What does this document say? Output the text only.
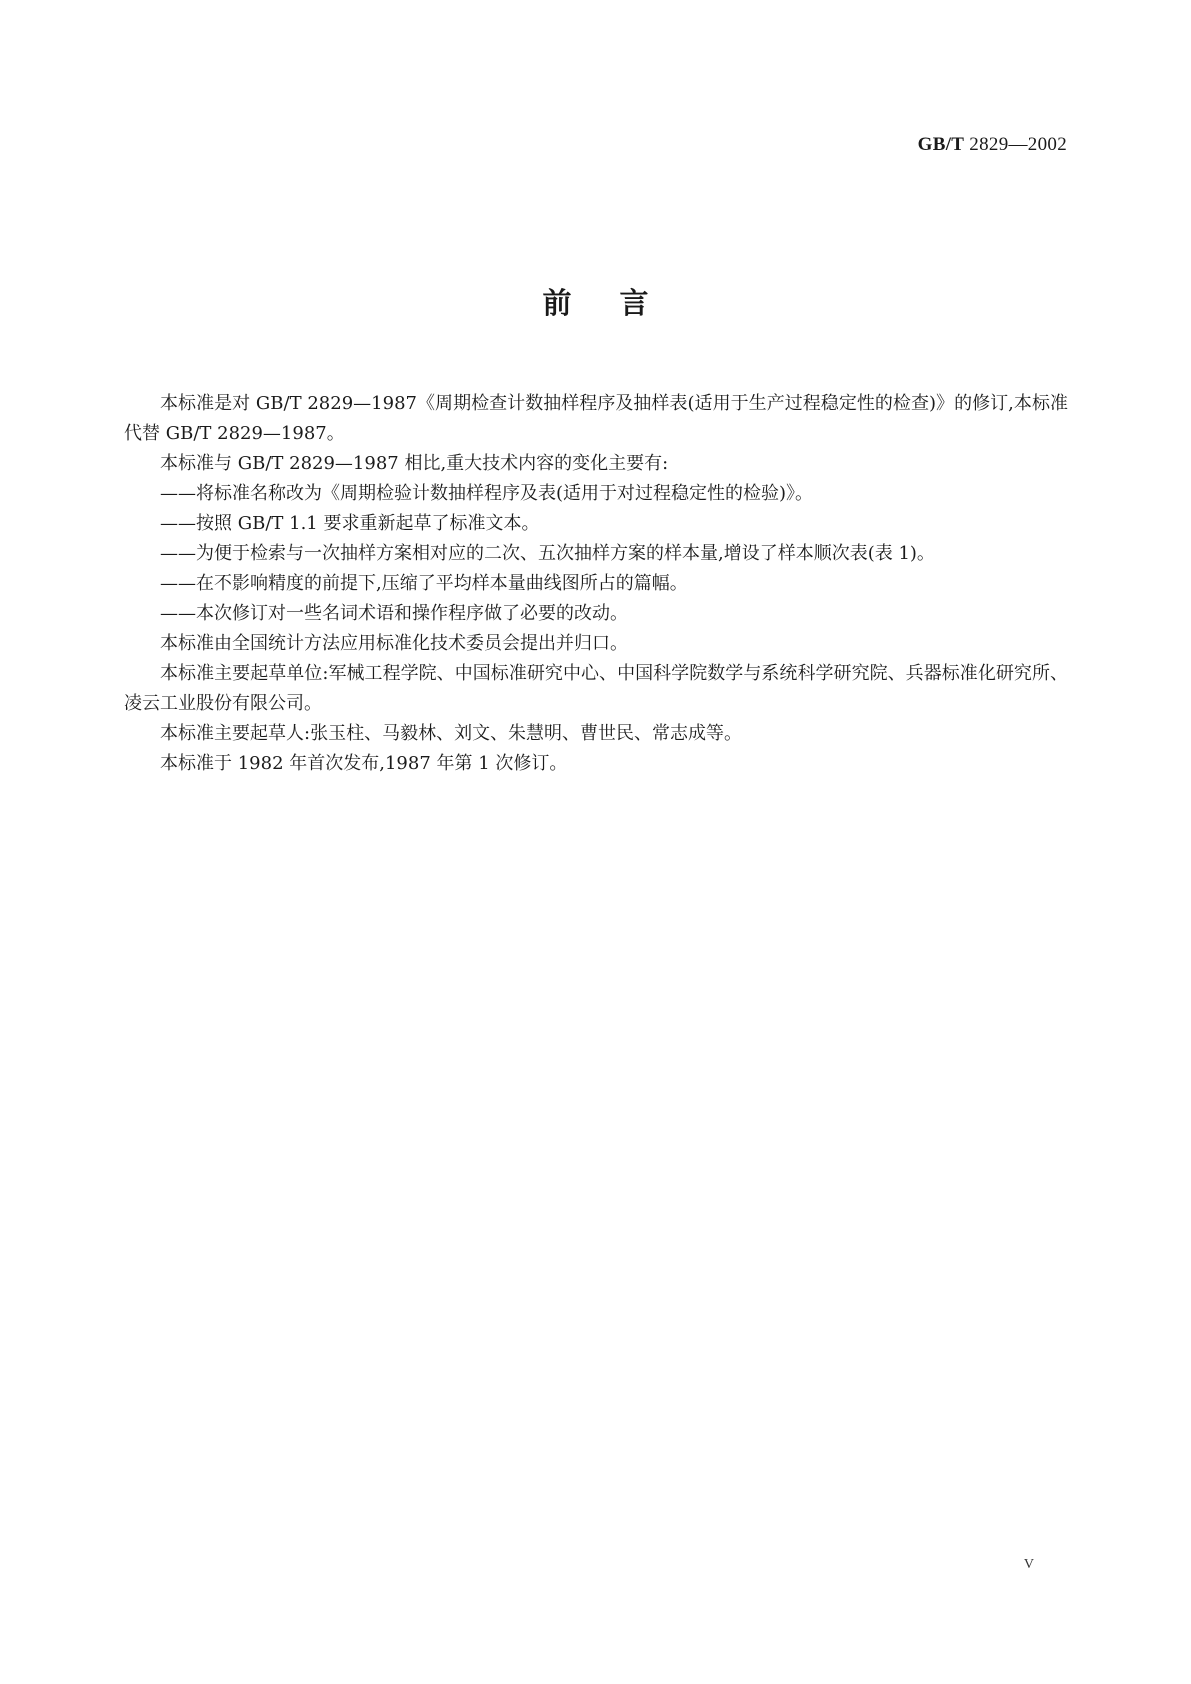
GB/T 2829—2002
前言

本标准是对 GB/T 2829—1987《周期检查计数抽样程序及抽样表(适用于生产过程稳定性的检查)》的修订,本标准代替 GB/T 2829—1987。

本标准与 GB/T 2829—1987 相比,重大技术内容的变化主要有:

——将标准名称改为《周期检验计数抽样程序及表(适用于对过程稳定性的检验)》。

——按照 GB/T 1.1 要求重新起草了标准文本。

——为便于检索与一次抽样方案相对应的二次、五次抽样方案的样本量,增设了样本顺次表(表 1)。

——在不影响精度的前提下,压缩了平均样本量曲线图所占的篇幅。

——本次修订对一些名词术语和操作程序做了必要的改动。

本标准由全国统计方法应用标准化技术委员会提出并归口。

本标准主要起草单位:军械工程学院、中国标准研究中心、中国科学院数学与系统科学研究院、兵器标准化研究所、凌云工业股份有限公司。

本标准主要起草人:张玉柱、马毅林、刘文、朱慧明、曹世民、常志成等。

本标准于 1982 年首次发布,1987 年第 1 次修订。

V
